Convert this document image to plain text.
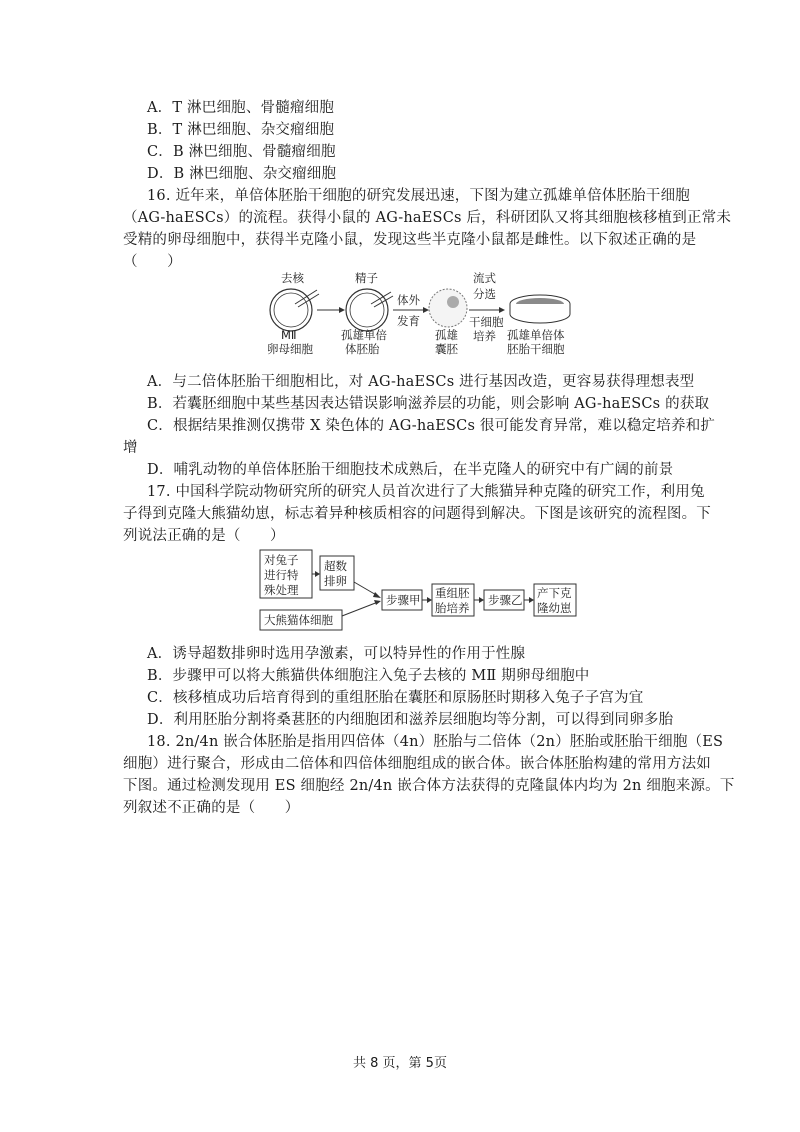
A．T 淋巴细胞、骨髓瘤细胞
B．T 淋巴细胞、杂交瘤细胞
C．B 淋巴细胞、骨髓瘤细胞
D．B 淋巴细胞、杂交瘤细胞
16. 近年来，单倍体胚胎干细胞的研究发展迅速，下图为建立孤雄单倍体胚胎干细胞
（AG-haESCs）的流程。获得小鼠的 AG-haESCs 后，科研团队又将其细胞核移植到正常未
受精的卵母细胞中，获得半克隆小鼠，发现这些半克隆小鼠都是雌性。以下叙述正确的是
（　　）
去核
MⅡ
卵母细胞
精子
孤雄单倍
体胚胎
体外
发育
孤雄
囊胚
流式
分选
干细胞
培养 孤雄单倍体
胚胎干细胞
A．与二倍体胚胎干细胞相比，对 AG-haESCs 进行基因改造，更容易获得理想表型
B．若囊胚细胞中某些基因表达错误影响滋养层的功能，则会影响 AG-haESCs 的获取
C．根据结果推测仅携带 X 染色体的 AG-haESCs 很可能发育异常，难以稳定培养和扩
增
D．哺乳动物的单倍体胚胎干细胞技术成熟后，在半克隆人的研究中有广阔的前景
17. 中国科学院动物研究所的研究人员首次进行了大熊猫异种克隆的研究工作，利用兔
子得到克隆大熊猫幼崽，标志着异种核质相容的问题得到解决。下图是该研究的流程图。下
列说法正确的是（　　）
对兔子
进行特
殊处理
超数
排卵
大熊猫体细胞
步骤甲 重组胚
胎培养
步骤乙 产下克
隆幼崽
A．诱导超数排卵时选用孕激素，可以特异性的作用于性腺
B．步骤甲可以将大熊猫供体细胞注入兔子去核的 MⅡ 期卵母细胞中
C．核移植成功后培育得到的重组胚胎在囊胚和原肠胚时期移入兔子子宫为宜
D．利用胚胎分割将桑葚胚的内细胞团和滋养层细胞均等分割，可以得到同卵多胎
18. 2n/4n 嵌合体胚胎是指用四倍体（4n）胚胎与二倍体（2n）胚胎或胚胎干细胞（ES
细胞）进行聚合，形成由二倍体和四倍体细胞组成的嵌合体。嵌合体胚胎构建的常用方法如
下图。通过检测发现用 ES 细胞经 2n/4n 嵌合体方法获得的克隆鼠体内均为 2n 细胞来源。下
列叙述不正确的是（　　）
共 8 页，第 5页
